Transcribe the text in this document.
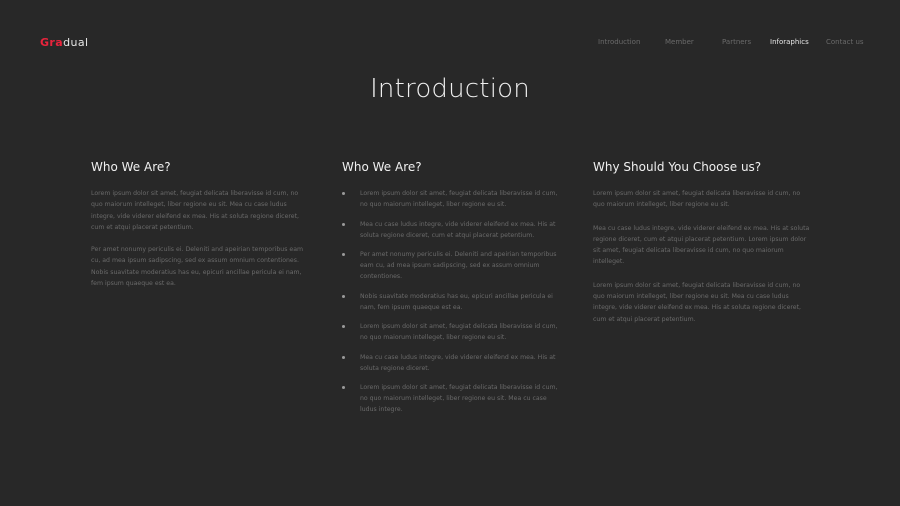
Gradual	Introduction	Member	Partners	Inforaphics Contact us
Introduction
Who We Are?

Lorem ipsum dolor sit amet, feugiat delicata liberavisse id cum, no quo maiorum intelleget, liber regione eu sit. Mea cu case ludus integre, vide viderer eleifend ex mea. His at soluta regione diceret, cum et atqui placerat petentium.

Per amet nonumy periculis ei. Deleniti and apeirian temporibus eam cu, ad mea ipsum sadipscing, sed ex assum omnium contentiones. Nobis suavitate moderatius has eu, epicuri ancillae pericula ei nam, fem ipsum quaeque est ea.

Who We Are?
Lorem ipsum dolor sit amet, feugiat delicata liberavisse id cum, no quo maiorum intelleget, liber regione eu sit.
Mea cu case ludus integre, vide viderer eleifend ex mea. His at soluta regione diceret, cum et atqui placerat petentium.
Per amet nonumy periculis ei. Deleniti and apeirian temporibus eam cu, ad mea ipsum sadipscing, sed ex assum omnium contentiones.
Nobis suavitate moderatius has eu, epicuri ancillae pericula ei nam, fem ipsum quaeque est ea.
Lorem ipsum dolor sit amet, feugiat delicata liberavisse id cum, no quo maiorum intelleget, liber regione eu sit.
Mea cu case ludus integre, vide viderer eleifend ex mea. His at soluta regione diceret.
Lorem ipsum dolor sit amet, feugiat delicata liberavisse id cum, no quo maiorum intelleget, liber regione eu sit. Mea cu case ludus integre.
Why Should You Choose us?

Lorem ipsum dolor sit amet, feugiat delicata liberavisse id cum, no quo maiorum intelleget, liber regione eu sit.

Mea cu case ludus integre, vide viderer eleifend ex mea. His at soluta regione diceret, cum et atqui placerat petentium. Lorem ipsum dolor sit amet, feugiat delicata liberavisse id cum, no quo maiorum intelleget.

Lorem ipsum dolor sit amet, feugiat delicata liberavisse id cum, no quo maiorum intelleget, liber regione eu sit. Mea cu case ludus integre, vide viderer eleifend ex mea. His at soluta regione diceret, cum et atqui placerat petentium.
